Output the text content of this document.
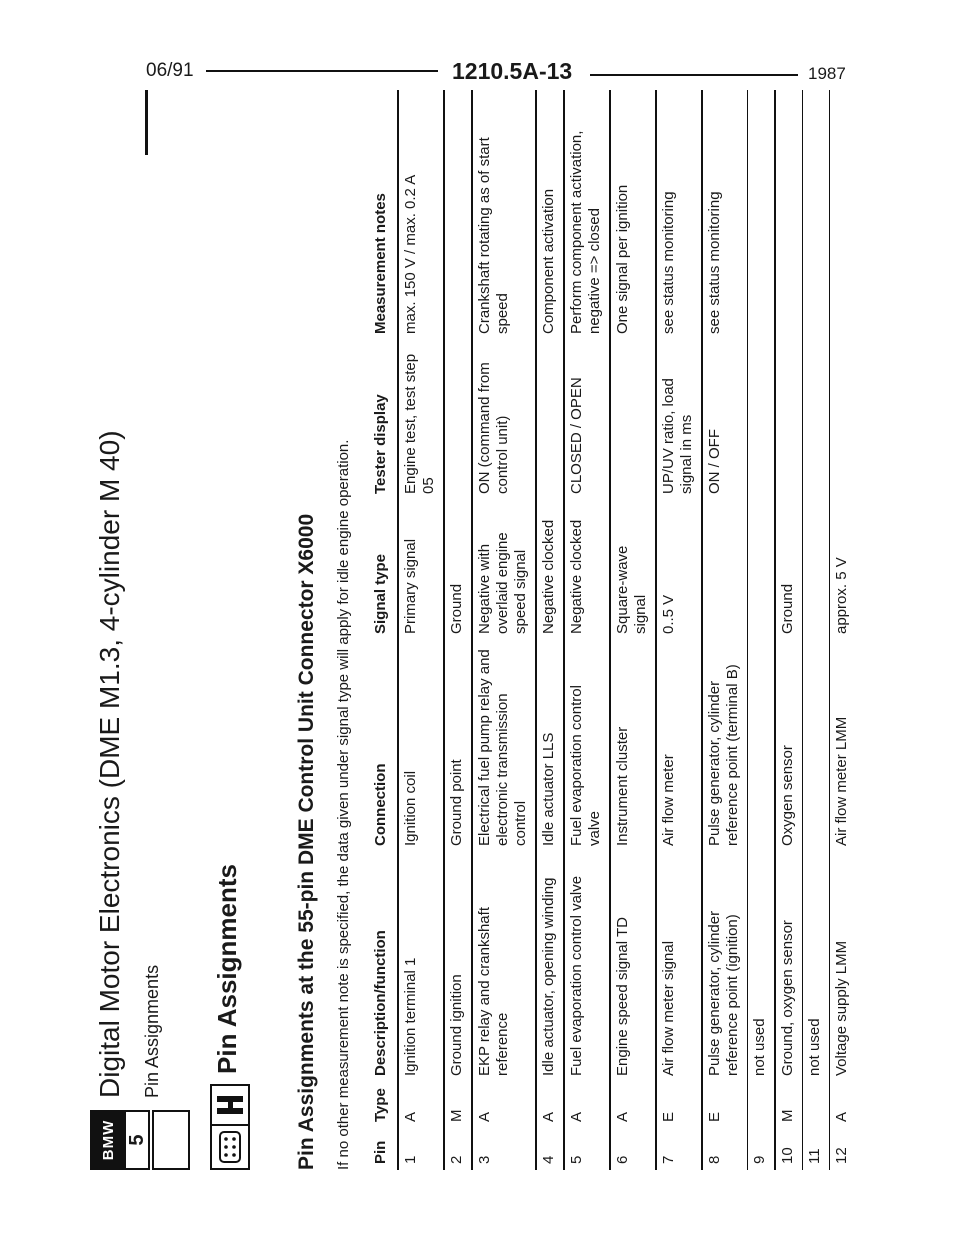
06/91	1210.5A-13	1987
BMW 5
Digital Motor Electronics (DME M1.3, 4-cylinder M 40) Pin Assignments Pin Assignments	Pin Assignments at the 55-pin DME Control Unit Connector X6000 If no other measurement note is specified, the data given under signal type will apply for idle engine operation. Pin	Type	Description/function	Connection	Signal type	Tester display	Measurement notes
1	A	Ignition terminal 1	Ignition coil	Primary signal	Engine test, test step 05	max. 150 V / max. 0.2 A
2	M	Ground ignition	Ground point	Ground		
3	A	EKP relay and crankshaft reference	Electrical fuel pump relay and electronic transmission control	Negative with overlaid engine speed signal	ON (command from control unit)	Crankshaft rotating as of start speed
4	A	Idle actuator, opening winding	Idle actuator LLS	Negative clocked		Component activation
5	A	Fuel evaporation control valve	Fuel evaporation control valve	Negative clocked	CLOSED / OPEN	Perform component activation, negative => closed
6	A	Engine speed signal TD	Instrument cluster	Square-wave signal		One signal per ignition
7	E	Air flow meter signal	Air flow meter	0..5 V	UP/UV ratio, load signal in ms	see status monitoring
8	E	Pulse generator, cylinder reference point (ignition)	Pulse generator, cylinder reference point (terminal B)		ON / OFF	see status monitoring
9		not used				
10	M	Ground, oxygen sensor	Oxygen sensor	Ground		
11		not used				
12	A	Voltage supply LMM	Air flow meter LMM	approx. 5 V		
